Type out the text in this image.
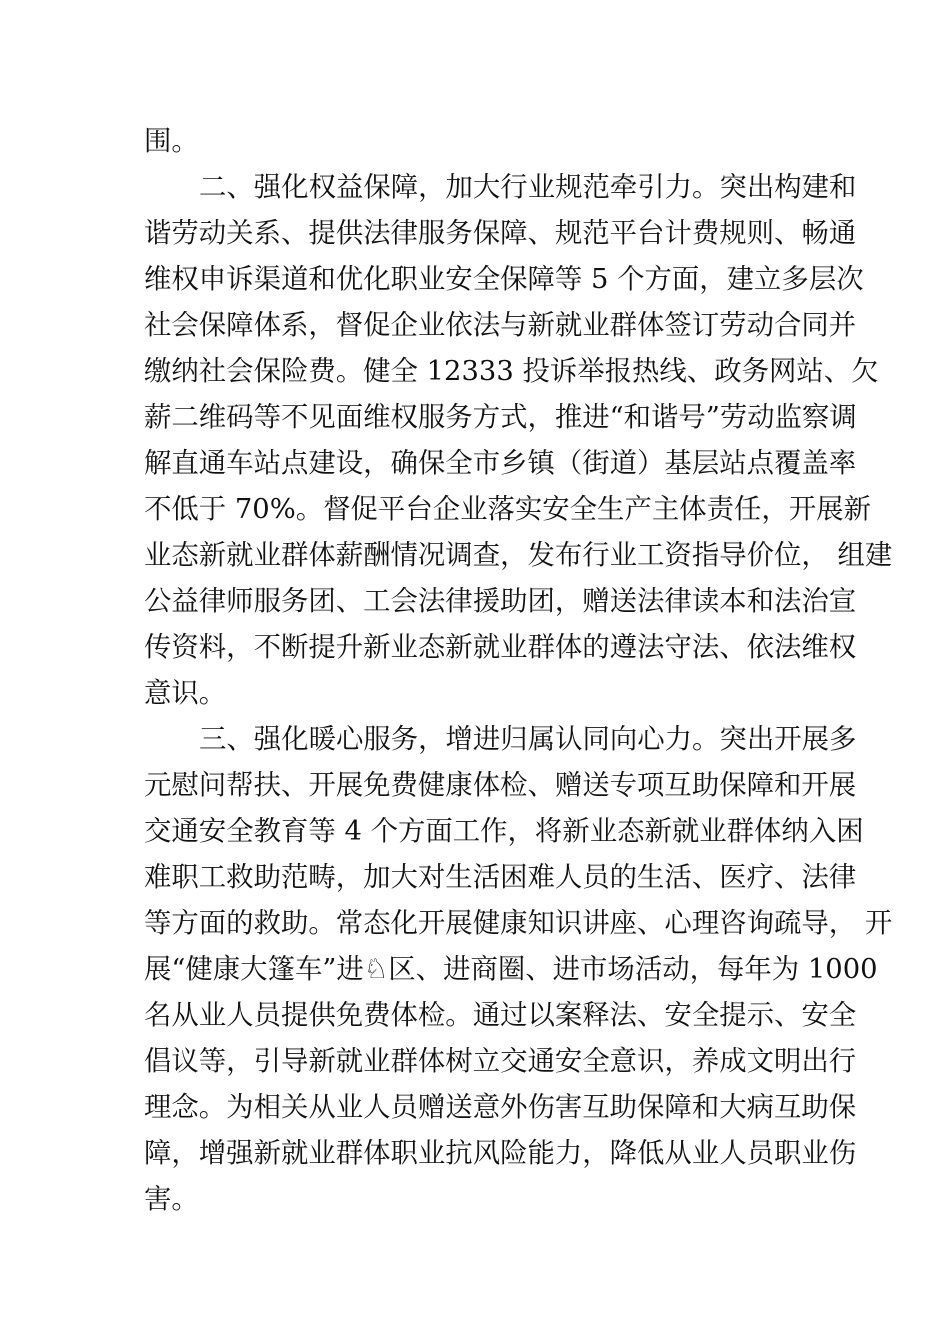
围。
二、强化权益保障，加大行业规范牵引力。突出构建和
谐劳动关系、提供法律服务保障、规范平台计费规则、畅通
维权申诉渠道和优化职业安全保障等 5 个方面，建立多层次
社会保障体系，督促企业依法与新就业群体签订劳动合同并
缴纳社会保险费。健全 12333 投诉举报热线、政务网站、欠
薪二维码等不见面维权服务方式，推进“和谐号”劳动监察调
解直通车站点建设，确保全市乡镇（街道）基层站点覆盖率
不低于 70%。督促平台企业落实安全生产主体责任，开展新
业态新就业群体薪酬情况调查，发布行业工资指导价位， 组建
公益律师服务团、工会法律援助团，赠送法律读本和法治宣
传资料，不断提升新业态新就业群体的遵法守法、依法维权
意识。
三、强化暖心服务，增进归属认同向心力。突出开展多
元慰问帮扶、开展免费健康体检、赠送专项互助保障和开展
交通安全教育等 4 个方面工作，将新业态新就业群体纳入困
难职工救助范畴，加大对生活困难人员的生活、医疗、法律
等方面的救助。常态化开展健康知识讲座、心理咨询疏导， 开
展“健康大篷车”进♘区、进商圈、进市场活动，每年为 1000
名从业人员提供免费体检。通过以案释法、安全提示、安全
倡议等，引导新就业群体树立交通安全意识，养成文明出行
理念。为相关从业人员赠送意外伤害互助保障和大病互助保
障，增强新就业群体职业抗风险能力，降低从业人员职业伤
害。
